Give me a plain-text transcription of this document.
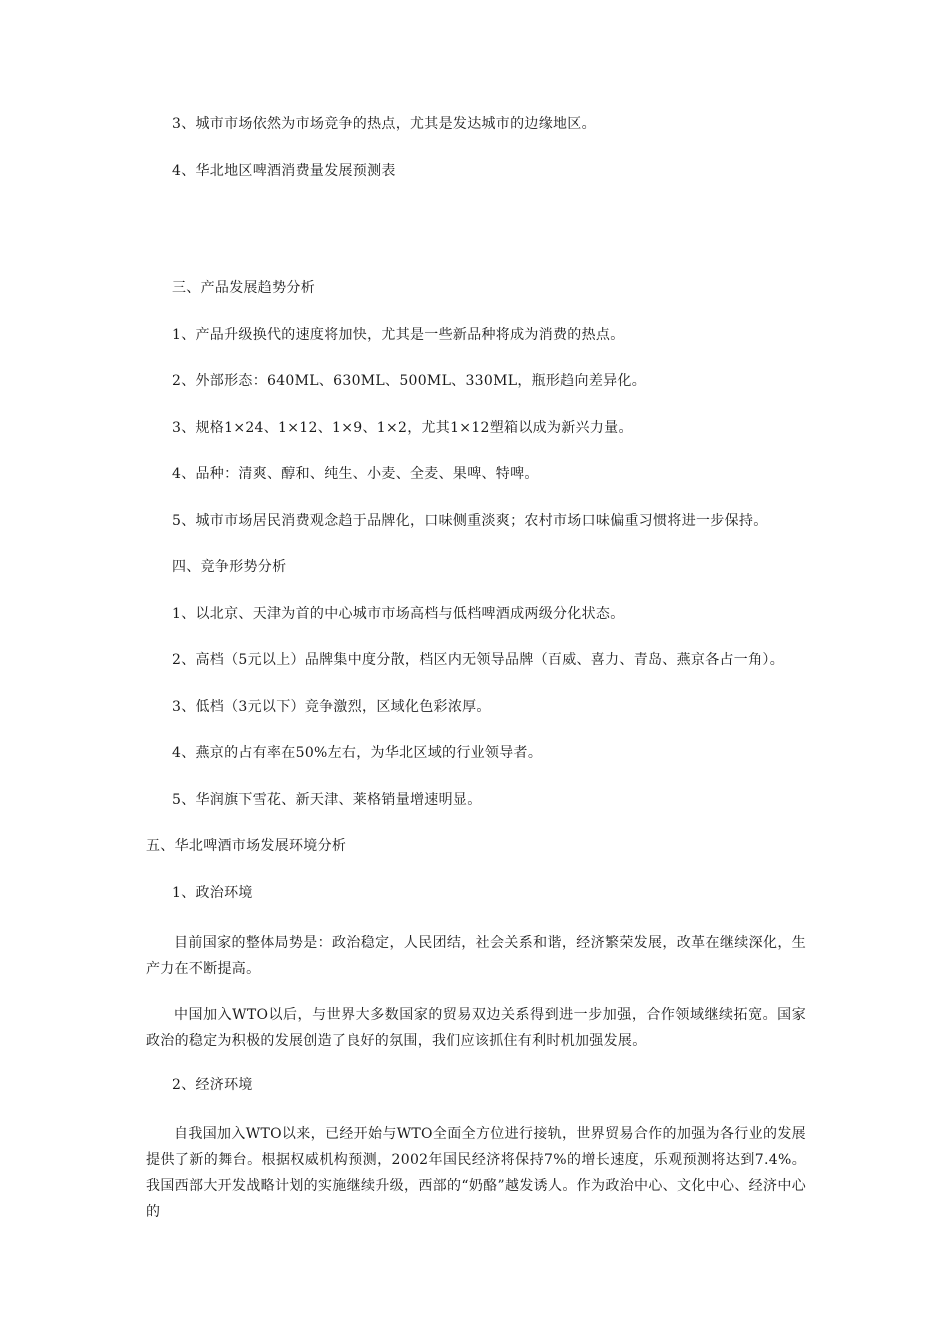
3、城市市场依然为市场竞争的热点，尤其是发达城市的边缘地区。
4、华北地区啤酒消费量发展预测表
三、产品发展趋势分析
1、产品升级换代的速度将加快，尤其是一些新品种将成为消费的热点。
2、外部形态：640ML、630ML、500ML、330ML，瓶形趋向差异化。
3、规格1×24、1×12、1×9、1×2，尤其1×12塑箱以成为新兴力量。
4、品种：清爽、醇和、纯生、小麦、全麦、果啤、特啤。
5、城市市场居民消费观念趋于品牌化，口味侧重淡爽；农村市场口味偏重习惯将进一步保持。
四、竞争形势分析
1、以北京、天津为首的中心城市市场高档与低档啤酒成两级分化状态。
2、高档（5元以上）品牌集中度分散，档区内无领导品牌（百威、喜力、青岛、燕京各占一角）。
3、低档（3元以下）竞争激烈，区域化色彩浓厚。
4、燕京的占有率在50%左右，为华北区域的行业领导者。
5、华润旗下雪花、新天津、莱格销量增速明显。
五、华北啤酒市场发展环境分析
1、政治环境
目前国家的整体局势是：政治稳定，人民团结，社会关系和谐，经济繁荣发展，改革在继续深化，生产力在不断提高。
中国加入WTO以后，与世界大多数国家的贸易双边关系得到进一步加强，合作领域继续拓宽。国家政治的稳定为积极的发展创造了良好的氛围，我们应该抓住有利时机加强发展。
2、经济环境
自我国加入WTO以来，已经开始与WTO全面全方位进行接轨，世界贸易合作的加强为各行业的发展提供了新的舞台。根据权威机构预测，2002年国民经济将保持7%的增长速度，乐观预测将达到7.4%。我国西部大开发战略计划的实施继续升级，西部的“奶酪”越发诱人。作为政治中心、文化中心、经济中心的
